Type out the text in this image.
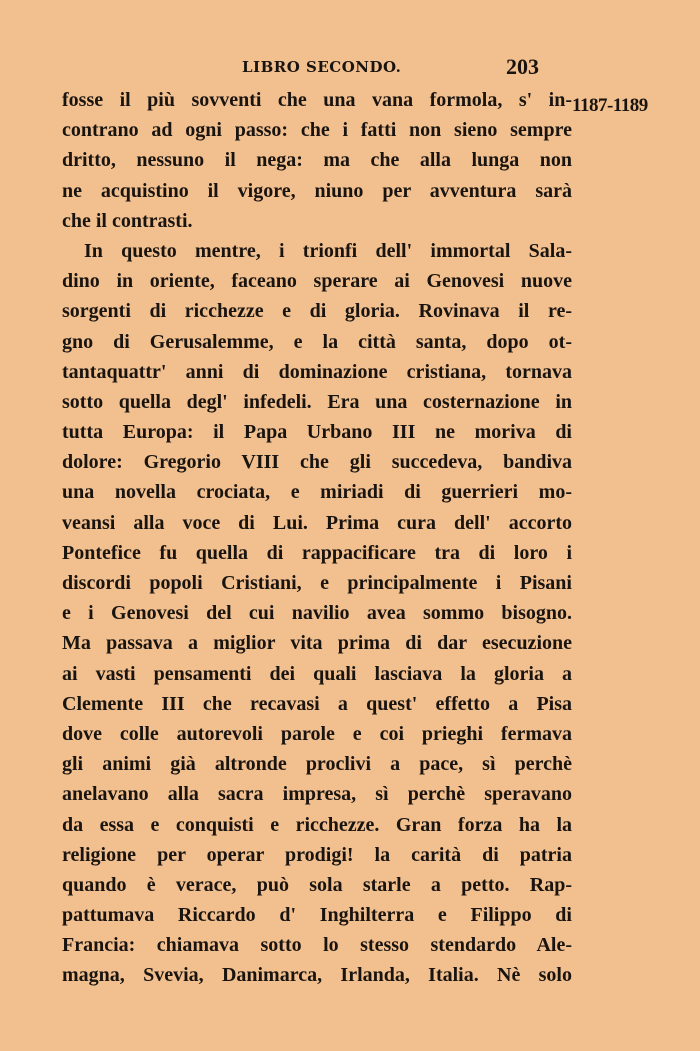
LIBRO SECONDO.	203
1187-1189
fosse il più sovventi che una vana formola, s' in-
contrano ad ogni passo: che i fatti non sieno sempre
dritto, nessuno il nega: ma che alla lunga non
ne acquistino il vigore, niuno per avventura sarà
che il contrasti.
In questo mentre, i trionfi dell' immortal Sala-
dino in oriente, faceano sperare ai Genovesi nuove
sorgenti di ricchezze e di gloria. Rovinava il re-
gno di Gerusalemme, e la città santa, dopo ot-
tantaquattr' anni di dominazione cristiana, tornava
sotto quella degl' infedeli. Era una costernazione in
tutta Europa: il Papa Urbano III ne moriva di
dolore: Gregorio VIII che gli succedeva, bandiva
una novella crociata, e miriadi di guerrieri mo-
veansi alla voce di Lui. Prima cura dell' accorto
Pontefice fu quella di rappacificare tra di loro i
discordi popoli Cristiani, e principalmente i Pisani
e i Genovesi del cui navilio avea sommo bisogno.
Ma passava a miglior vita prima di dar esecuzione
ai vasti pensamenti dei quali lasciava la gloria a
Clemente III che recavasi a quest' effetto a Pisa
dove colle autorevoli parole e coi prieghi fermava
gli animi già altronde proclivi a pace, sì perchè
anelavano alla sacra impresa, sì perchè speravano
da essa e conquisti e ricchezze. Gran forza ha la
religione per operar prodigi! la carità di patria
quando è verace, può sola starle a petto. Rap-
pattumava Riccardo d' Inghilterra e Filippo di
Francia: chiamava sotto lo stesso stendardo Ale-
magna, Svevia, Danimarca, Irlanda, Italia. Nè solo
